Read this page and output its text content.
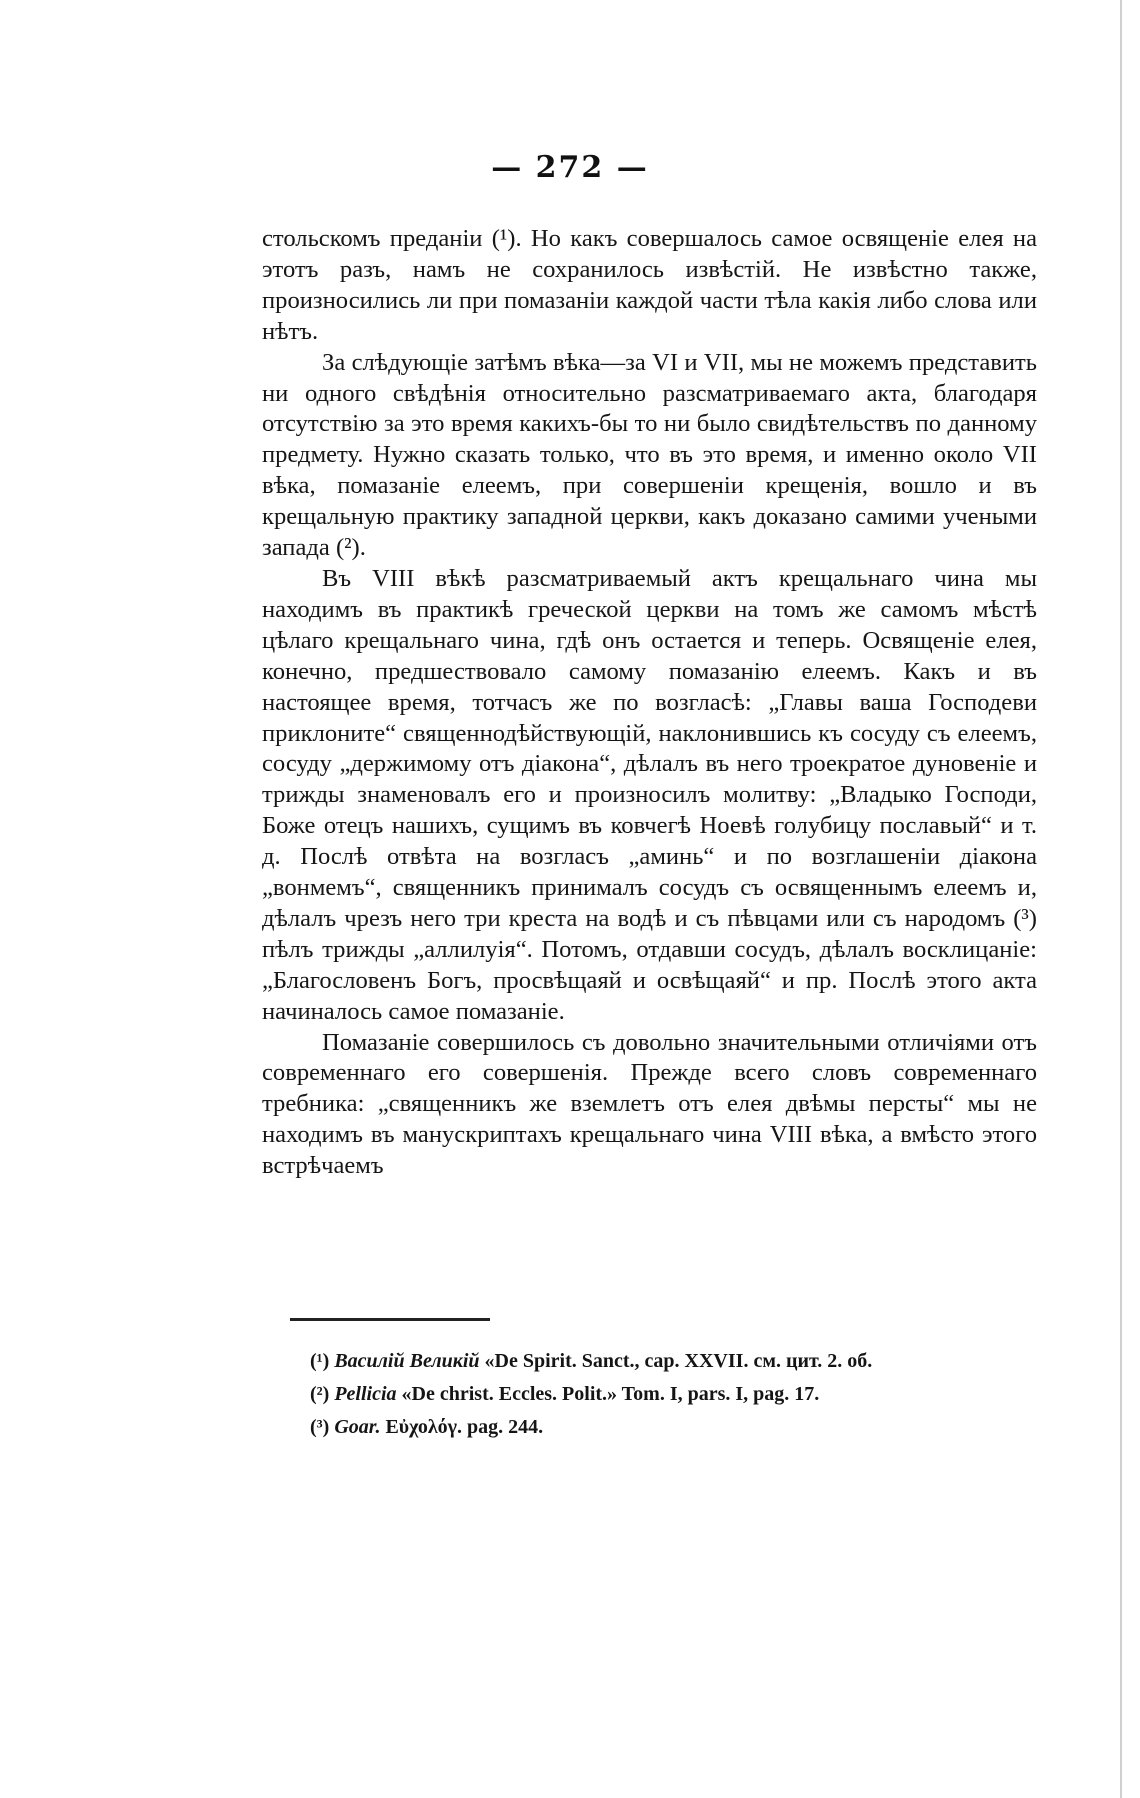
— 272 —

стольскомъ преданіи (¹). Но какъ совершалось самое освященіе елея на этотъ разъ, намъ не сохранилось извѣстій. Не извѣстно также, произносились ли при помазаніи каждой части тѣла какія либо слова или нѣтъ.

За слѣдующіе затѣмъ вѣка—за VI и VII, мы не можемъ представить ни одного свѣдѣнія относительно разсматриваемаго акта, благодаря отсутствію за это время какихъ-бы то ни было свидѣтельствъ по данному предмету. Нужно сказать только, что въ это время, и именно около VII вѣка, помазаніе елеемъ, при совершеніи крещенія, вошло и въ крещальную практику западной церкви, какъ доказано самими учеными запада (²).

Въ VIII вѣкѣ разсматриваемый актъ крещальнаго чина мы находимъ въ практикѣ греческой церкви на томъ же самомъ мѣстѣ цѣлаго крещальнаго чина, гдѣ онъ остается и теперь. Освященіе елея, конечно, предшествовало самому помазанію елеемъ. Какъ и въ настоящее время, тотчасъ же по возгласѣ: „Главы ваша Господеви приклоните“ священнодѣйствующій, наклонившись къ сосуду съ елеемъ, сосуду „держимому отъ діакона“, дѣлалъ въ него троекратое дуновеніе и трижды знаменовалъ его и произносилъ молитву: „Владыко Господи, Боже отецъ нашихъ, сущимъ въ ковчегѣ Ноевѣ голубицу пославый“ и т. д. Послѣ отвѣта на возгласъ „аминь“ и по возглашеніи діакона „вонмемъ“, священникъ принималъ сосудъ съ освященнымъ елеемъ и, дѣлалъ чрезъ него три креста на водѣ и съ пѣвцами или съ народомъ (³) пѣлъ трижды „аллилуія“. Потомъ, отдавши сосудъ, дѣлалъ восклицаніе: „Благословенъ Богъ, просвѣщаяй и освѣщаяй“ и пр. Послѣ этого акта начиналось самое помазаніе.

Помазаніе совершилось съ довольно значительными отличіями отъ современнаго его совершенія. Прежде всего словъ современнаго требника: „священникъ же вземлетъ отъ елея двѣмы персты“ мы не находимъ въ манускриптахъ крещальнаго чина VIII вѣка, а вмѣсто этого встрѣчаемъ

(¹) Василій Великій «De Spirit. Sanct., cap. XXVII. см. цит. 2. об.

(²) Pellicia «De christ. Eccles. Polit.» Tom. I, pars. I, pag. 17.

(³) Goar. Εὐχολόγ. pag. 244.
